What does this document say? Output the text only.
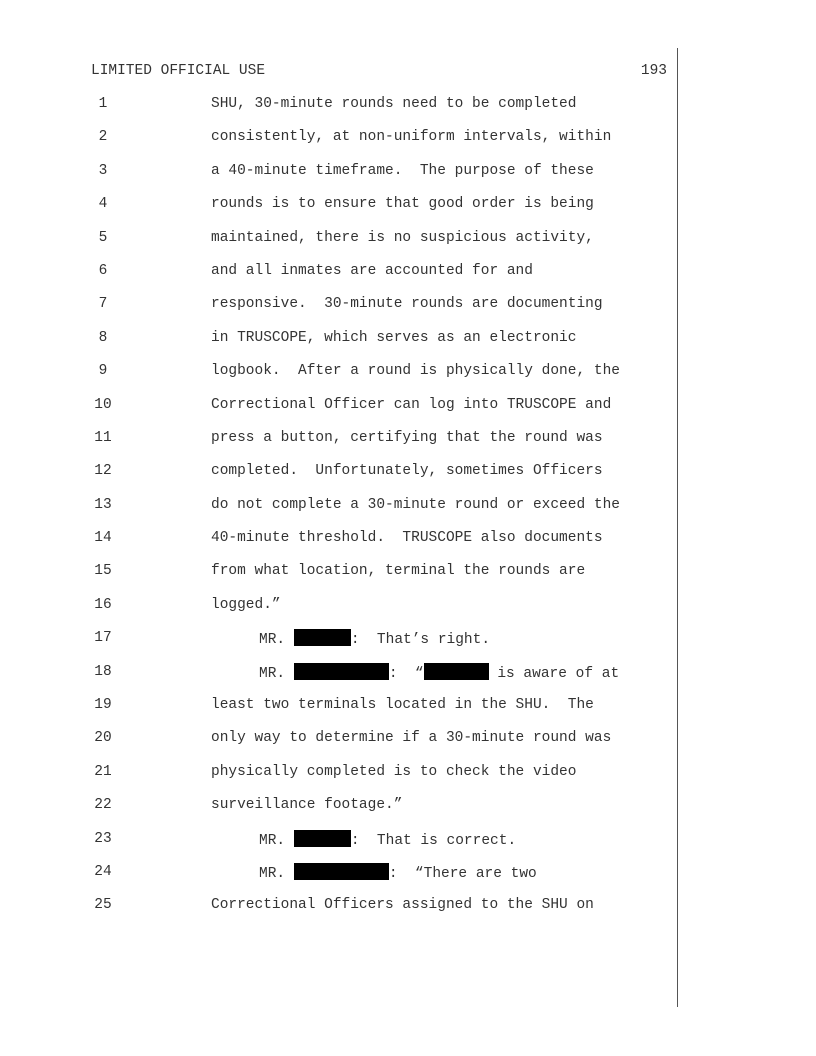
LIMITED OFFICIAL USE	193
1	SHU, 30-minute rounds need to be completed
2	consistently, at non-uniform intervals, within
3	a 40-minute timeframe.  The purpose of these
4	rounds is to ensure that good order is being
5	maintained, there is no suspicious activity,
6	and all inmates are accounted for and
7	responsive.  30-minute rounds are documenting
8	in TRUSCOPE, which serves as an electronic
9	logbook.  After a round is physically done, the
10	Correctional Officer can log into TRUSCOPE and
11	press a button, certifying that the round was
12	completed.  Unfortunately, sometimes Officers
13	do not complete a 30-minute round or exceed the
14	40-minute threshold.  TRUSCOPE also documents
15	from what location, terminal the rounds are
16	logged.”
17	MR.	:  That’s right.
18	MR.	:  “	is aware of at
19	least two terminals located in the SHU.  The
20	only way to determine if a 30-minute round was
21	physically completed is to check the video
22	surveillance footage.”
23	MR.	:  That is correct.
24	MR.	:  “There are two
25	Correctional Officers assigned to the SHU on
